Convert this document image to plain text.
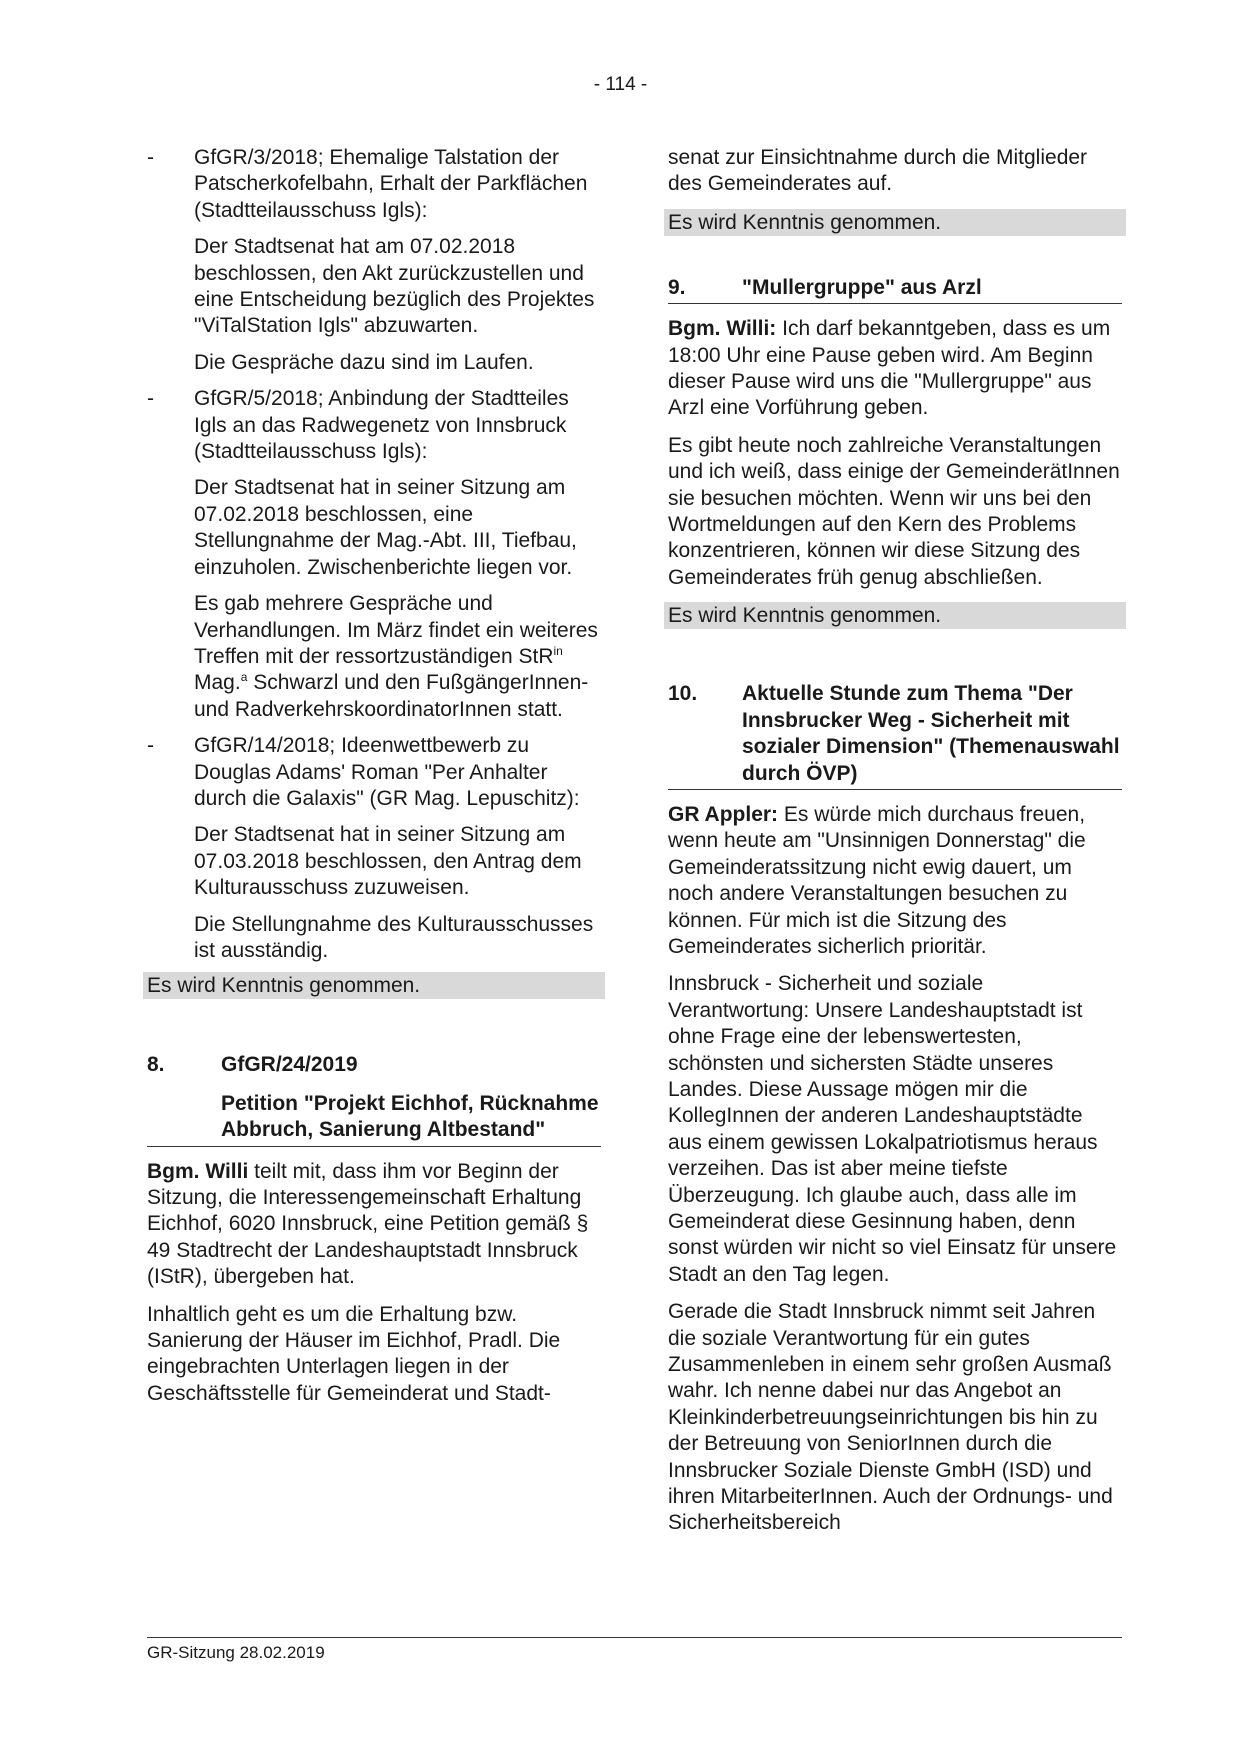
- 114 -
- GfGR/3/2018; Ehemalige Talstation der Patscherkofelbahn, Erhalt der Parkflächen (Stadtteilausschuss Igls):

Der Stadtsenat hat am 07.02.2018 beschlossen, den Akt zurückzustellen und eine Entscheidung bezüglich des Projektes "ViTalStation Igls" abzuwarten.

Die Gespräche dazu sind im Laufen.

- GfGR/5/2018; Anbindung der Stadtteiles Igls an das Radwegenetz von Innsbruck (Stadtteilausschuss Igls):

Der Stadtsenat hat in seiner Sitzung am 07.02.2018 beschlossen, eine Stellungnahme der Mag.-Abt. III, Tiefbau, einzuholen. Zwischenberichte liegen vor.

Es gab mehrere Gespräche und Verhandlungen. Im März findet ein weiteres Treffen mit der ressortzuständigen StR$^{in}$ Mag.$^a$ Schwarzl und den FußgängerInnen- und RadverkehrskoordinatorInnen statt.

- GfGR/14/2018; Ideenwettbewerb zu Douglas Adams' Roman "Per Anhalter durch die Galaxis" (GR Mag. Lepuschitz):

Der Stadtsenat hat in seiner Sitzung am 07.03.2018 beschlossen, den Antrag dem Kulturausschuss zuzuweisen.

Die Stellungnahme des Kulturausschusses ist ausständig.

Es wird Kenntnis genommen.

8.	GfGR/24/2019
Petition "Projekt Eichhof, Rücknahme Abbruch, Sanierung Altbestand"

Bgm. Willi teilt mit, dass ihm vor Beginn der Sitzung, die Interessengemeinschaft Erhaltung Eichhof, 6020 Innsbruck, eine Petition gemäß § 49 Stadtrecht der Landeshauptstadt Innsbruck (IStR), übergeben hat.

Inhaltlich geht es um die Erhaltung bzw. Sanierung der Häuser im Eichhof, Pradl. Die eingebrachten Unterlagen liegen in der Geschäftsstelle für Gemeinderat und Stadt-

senat zur Einsichtnahme durch die Mitglieder des Gemeinderates auf.

Es wird Kenntnis genommen.

9.	"Mullergruppe" aus Arzl

Bgm. Willi: Ich darf bekanntgeben, dass es um 18:00 Uhr eine Pause geben wird. Am Beginn dieser Pause wird uns die "Mullergruppe" aus Arzl eine Vorführung geben.

Es gibt heute noch zahlreiche Veranstaltungen und ich weiß, dass einige der GemeinderätInnen sie besuchen möchten. Wenn wir uns bei den Wortmeldungen auf den Kern des Problems konzentrieren, können wir diese Sitzung des Gemeinderates früh genug abschließen.

Es wird Kenntnis genommen.

10. Aktuelle Stunde zum Thema "Der Innsbrucker Weg - Sicherheit mit sozialer Dimension" (Themenauswahl durch ÖVP)

GR Appler: Es würde mich durchaus freuen, wenn heute am "Unsinnigen Donnerstag" die Gemeinderatssitzung nicht ewig dauert, um noch andere Veranstaltungen besuchen zu können. Für mich ist die Sitzung des Gemeinderates sicherlich prioritär.

Innsbruck - Sicherheit und soziale Verantwortung: Unsere Landeshauptstadt ist ohne Frage eine der lebenswertesten, schönsten und sichersten Städte unseres Landes. Diese Aussage mögen mir die KollegInnen der anderen Landeshauptstädte aus einem gewissen Lokalpatriotismus heraus verzeihen. Das ist aber meine tiefste Überzeugung. Ich glaube auch, dass alle im Gemeinderat diese Gesinnung haben, denn sonst würden wir nicht so viel Einsatz für unsere Stadt an den Tag legen.

Gerade die Stadt Innsbruck nimmt seit Jahren die soziale Verantwortung für ein gutes Zusammenleben in einem sehr großen Ausmaß wahr. Ich nenne dabei nur das Angebot an Kleinkinderbetreuungseinrichtungen bis hin zu der Betreuung von SeniorInnen durch die Innsbrucker Soziale Dienste GmbH (ISD) und ihren MitarbeiterInnen. Auch der Ordnungs- und Sicherheitsbereich

GR-Sitzung 28.02.2019
